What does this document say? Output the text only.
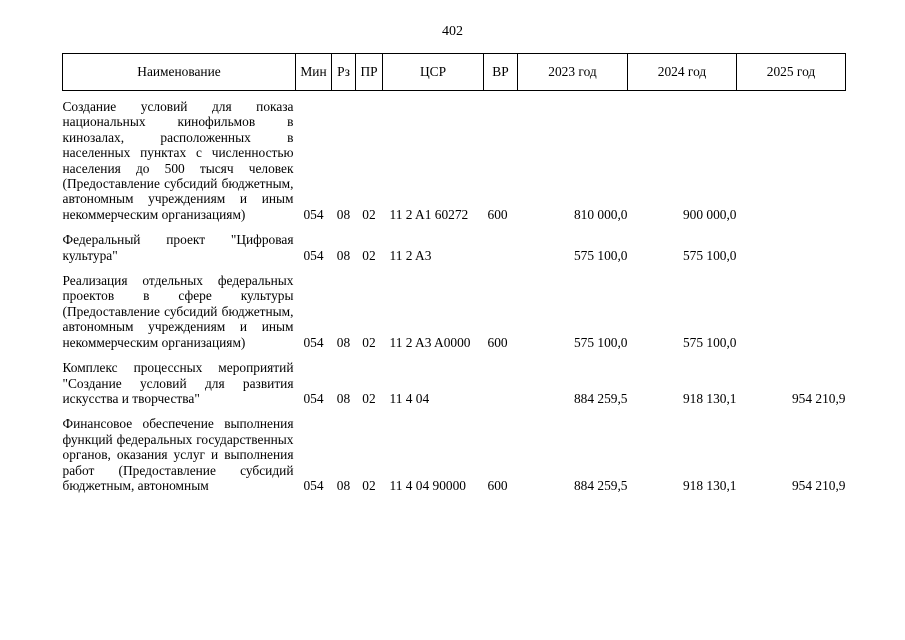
402
Наименование	Мин	Рз	ПР	ЦСР	ВР	2023 год	2024 год	2025 год

Создание условий для показа национальных кинофильмов в кинозалах, расположенных в населенных пунктах с численностью населения до 500 тысяч человек (Предоставление субсидий бюджетным, автономным учреждениям и иным некоммерческим организациям)	054	08	02	11 2 A1 60272	600	810 000,0	900 000,0	

Федеральный проект "Цифровая культура"	054	08	02	11 2 A3		575 100,0	575 100,0	

Реализация отдельных федеральных проектов в сфере культуры (Предоставление субсидий бюджетным, автономным учреждениям и иным некоммерческим организациям)	054	08	02	11 2 A3 A0000	600	575 100,0	575 100,0	

Комплекс процессных мероприятий "Создание условий для развития искусства и творчества"	054	08	02	11 4 04		884 259,5	918 130,1	954 210,9

Финансовое обеспечение выполнения функций федеральных государственных органов, оказания услуг и выполнения работ (Предоставление субсидий бюджетным, автономным	054	08	02	11 4 04 90000	600	884 259,5	918 130,1	954 210,9
